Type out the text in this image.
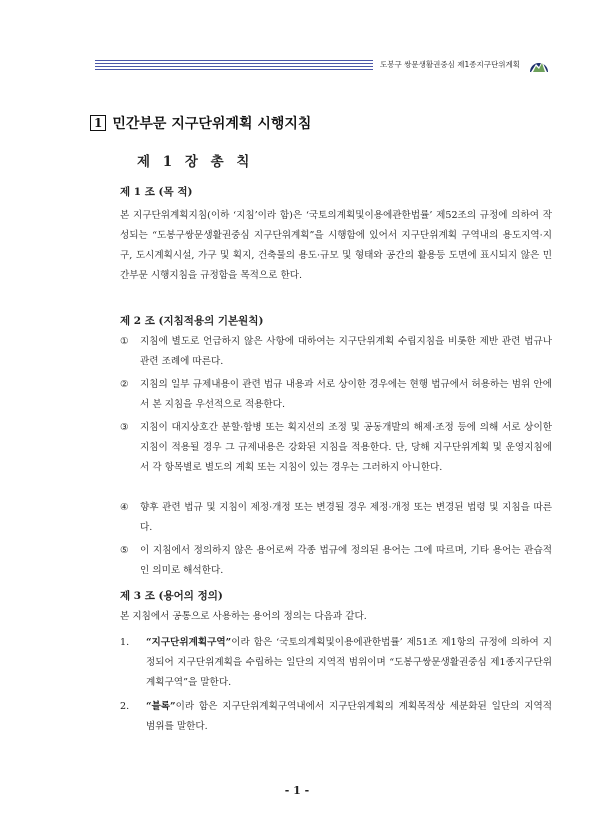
도봉구 쌍문생활권중심 제1종지구단위계획
1 민간부문 지구단위계획 시행지침
제 1 장 총 칙
제 1 조 (목 적)
본 지구단위계획지침(이하 ‘지침’이라 함)은 ‘국토의계획및이용에관한법률’ 제52조의 규정에 의하여 작성되는 “도봉구쌍문생활권중심 지구단위계획”을 시행함에 있어서 지구단위계획 구역내의 용도지역·지구, 도시계획시설, 가구 및 획지, 건축물의 용도·규모 및 형태와 공간의 활용등 도면에 표시되지 않은 민간부문 시행지침을 규정함을 목적으로 한다.
제 2 조 (지침적용의 기본원칙)
①	지침에 별도로 언급하지 않은 사항에 대하여는 지구단위계획 수립지침을 비롯한 제반 관련 법규나 관련 조례에 따른다.
②	지침의 일부 규제내용이 관련 법규 내용과 서로 상이한 경우에는 현행 법규에서 허용하는 범위 안에서 본 지침을 우선적으로 적용한다.
③	지침이 대지상호간 분할·합병 또는 획지선의 조정 및 공동개발의 해제·조정 등에 의해 서로 상이한 지침이 적용될 경우 그 규제내용은 강화된 지침을 적용한다. 단, 당해 지구단위계획 및 운영지침에서 각 항목별로 별도의 계획 또는 지침이 있는 경우는 그러하지 아니한다.
④	향후 관련 법규 및 지침이 제정·개정 또는 변경될 경우 제정·개정 또는 변경된 법령 및 지침을 따른다.
⑤	이 지침에서 정의하지 않은 용어로써 각종 법규에 정의된 용어는 그에 따르며, 기타 용어는 관습적인 의미로 해석한다.
제 3 조 (용어의 정의)
본 지침에서 공통으로 사용하는 용어의 정의는 다음과 같다.
1.	“지구단위계획구역”이라 함은 ‘국토의계획및이용에관한법률’ 제51조 제1항의 규정에 의하여 지정되어 지구단위계획을 수립하는 일단의 지역적 범위이며 “도봉구쌍문생활권중심 제1종지구단위계획구역”을 말한다.
2.	“블록”이라 함은 지구단위계획구역내에서 지구단위계획의 계획목적상 세분화된 일단의 지역적 범위를 말한다.
- 1 -
